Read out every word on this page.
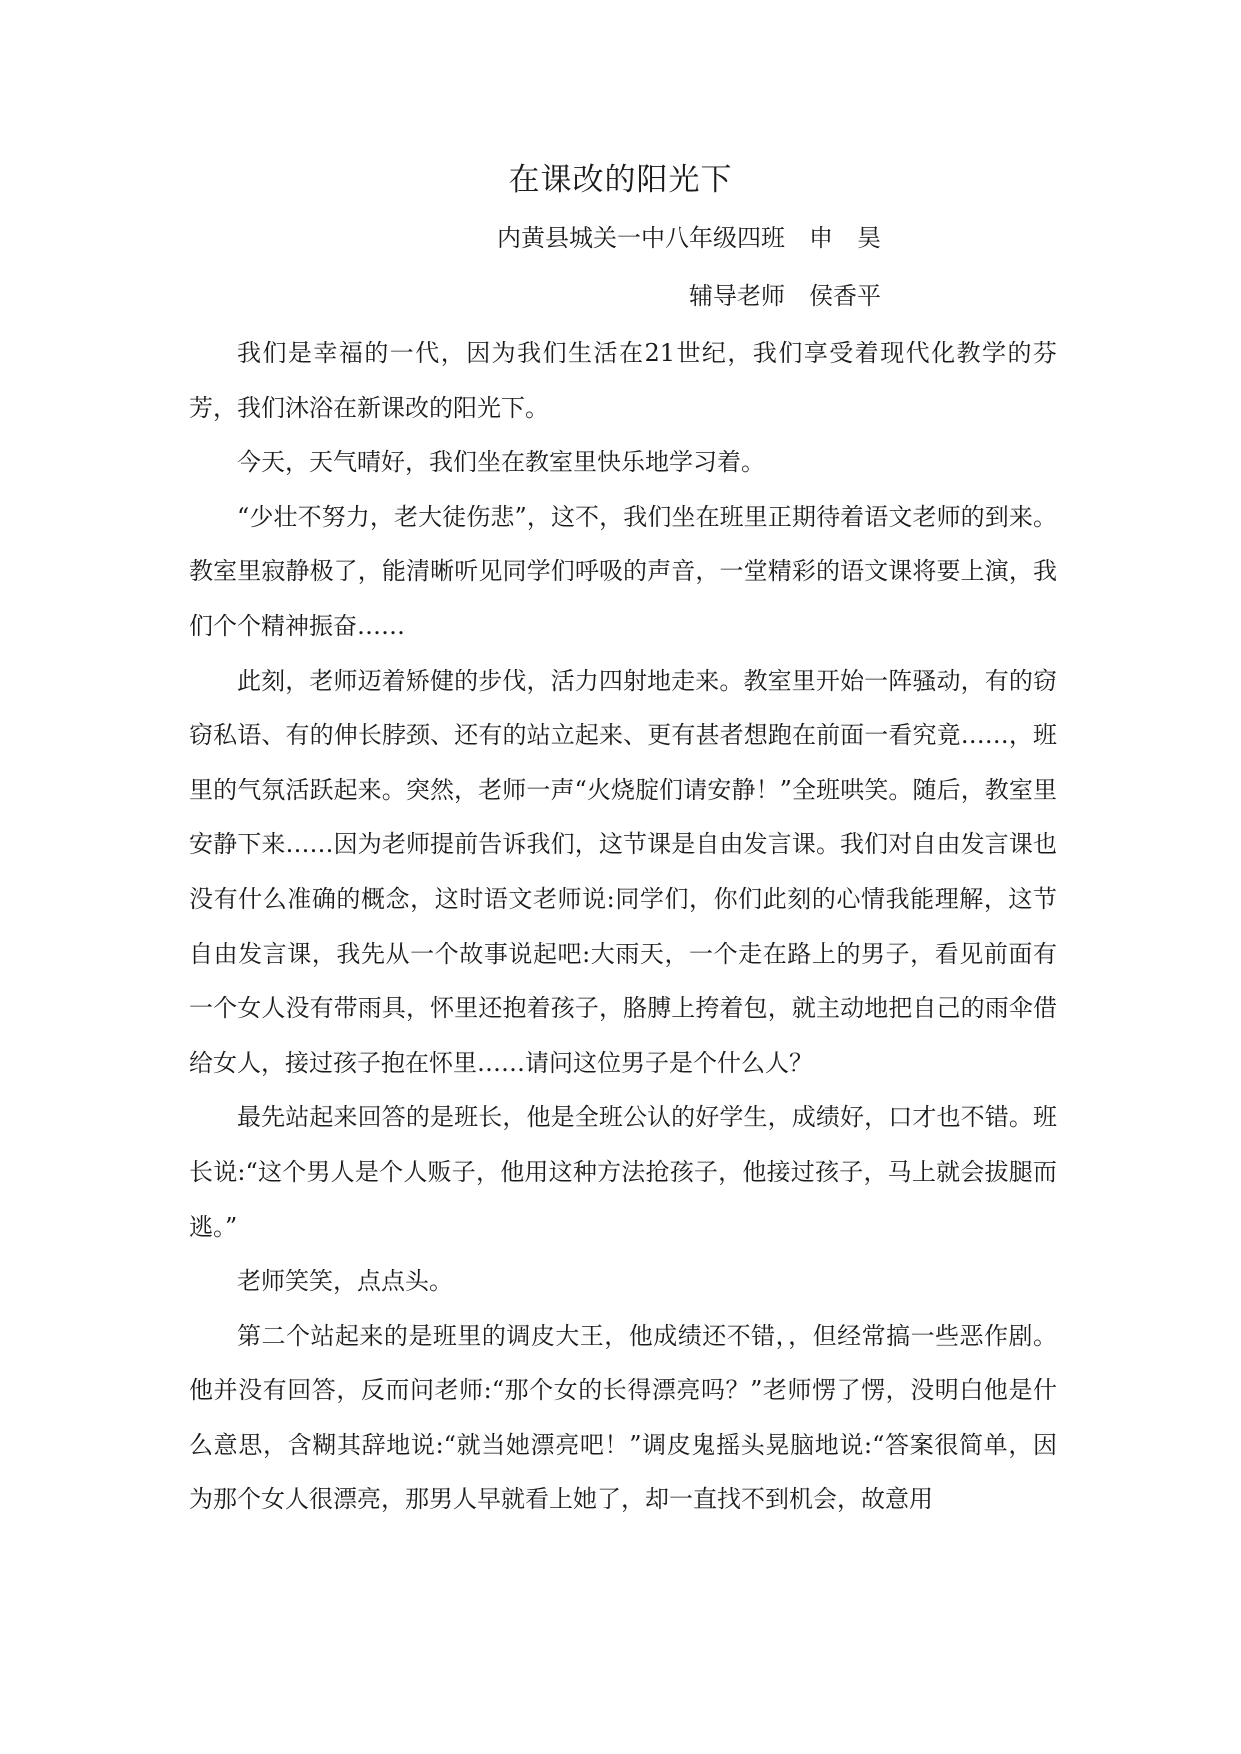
在课改的阳光下
内黄县城关一中八年级四班　申　昊
辅导老师　侯香平

我们是幸福的一代，因为我们生活在21世纪，我们享受着现代化教学的芬芳，我们沐浴在新课改的阳光下。

今天，天气晴好，我们坐在教室里快乐地学习着。

“少壮不努力，老大徒伤悲”，这不，我们坐在班里正期待着语文老师的到来。教室里寂静极了，能清晰听见同学们呼吸的声音，一堂精彩的语文课将要上演，我们个个精神振奋……

此刻，老师迈着矫健的步伐，活力四射地走来。教室里开始一阵骚动，有的窃窃私语、有的伸长脖颈、还有的站立起来、更有甚者想跑在前面一看究竟……，班里的气氛活跃起来。突然，老师一声“火烧腚们请安静！”全班哄笑。随后，教室里安静下来……因为老师提前告诉我们，这节课是自由发言课。我们对自由发言课也没有什么准确的概念，这时语文老师说:同学们，你们此刻的心情我能理解，这节自由发言课，我先从一个故事说起吧:大雨天，一个走在路上的男子，看见前面有一个女人没有带雨具，怀里还抱着孩子，胳膊上挎着包，就主动地把自己的雨伞借给女人，接过孩子抱在怀里……请问这位男子是个什么人？

最先站起来回答的是班长，他是全班公认的好学生，成绩好，口才也不错。班长说:“这个男人是个人贩子，他用这种方法抢孩子，他接过孩子，马上就会拔腿而逃。”

老师笑笑，点点头。

第二个站起来的是班里的调皮大王，他成绩还不错，，但经常搞一些恶作剧。他并没有回答，反而问老师:“那个女的长得漂亮吗？”老师愣了愣，没明白他是什么意思，含糊其辞地说:“就当她漂亮吧！”调皮鬼摇头晃脑地说:“答案很简单，因为那个女人很漂亮，那男人早就看上她了，却一直找不到机会，故意用
